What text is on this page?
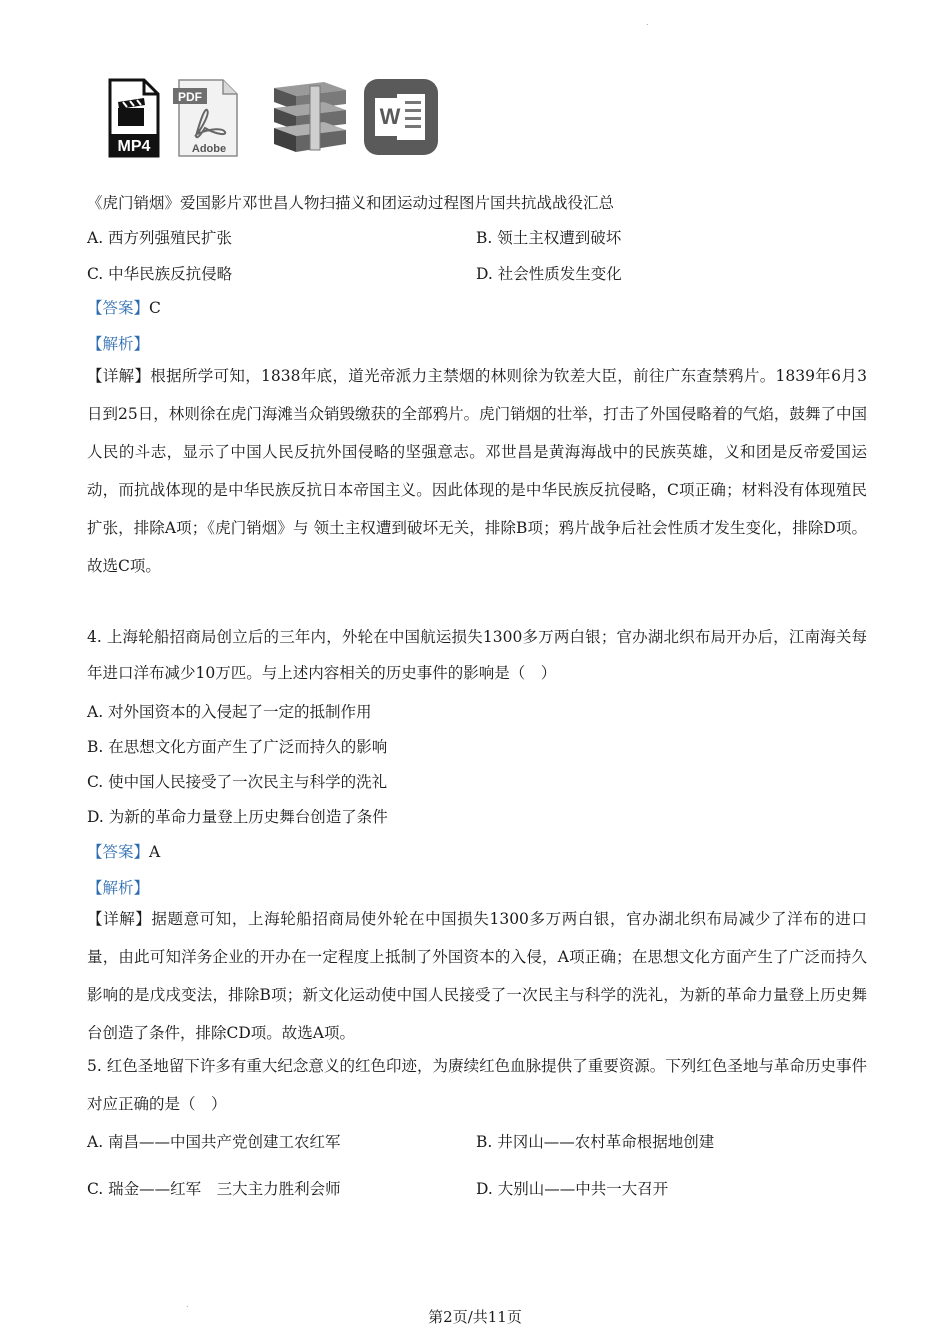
.
MP4
PDF
Adobe
W
《虎门销烟》爱国影片邓世昌人物扫描义和团运动过程图片国共抗战战役汇总
A. 西方列强殖民扩张	B. 领土主权遭到破坏
C. 中华民族反抗侵略	D. 社会性质发生变化
【答案】C
【解析】
【详解】根据所学可知，1838年底，道光帝派力主禁烟的林则徐为钦差大臣，前往广东查禁鸦片。1839年6月3日到25日，林则徐在虎门海滩当众销毁缴获的全部鸦片。虎门销烟的壮举，打击了外国侵略着的气焰，鼓舞了中国人民的斗志，显示了中国人民反抗外国侵略的坚强意志。邓世昌是黄海海战中的民族英雄，义和团是反帝爱国运动，而抗战体现的是中华民族反抗日本帝国主义。因此体现的是中华民族反抗侵略，C项正确；材料没有体现殖民扩张，排除A项；《虎门销烟》与 领土主权遭到破坏无关，排除B项；鸦片战争后社会性质才发生变化，排除D项。故选C项。
4. 上海轮船招商局创立后的三年内，外轮在中国航运损失1300多万两白银；官办湖北织布局开办后，江南海关每年进口洋布减少10万匹。与上述内容相关的历史事件的影响是（　）
A. 对外国资本的入侵起了一定的抵制作用
B. 在思想文化方面产生了广泛而持久的影响
C. 使中国人民接受了一次民主与科学的洗礼
D. 为新的革命力量登上历史舞台创造了条件
【答案】A
【解析】
【详解】据题意可知，上海轮船招商局使外轮在中国损失1300多万两白银，官办湖北织布局减少了洋布的进口量，由此可知洋务企业的开办在一定程度上抵制了外国资本的入侵，A项正确；在思想文化方面产生了广泛而持久影响的是戊戌变法，排除B项；新文化运动使中国人民接受了一次民主与科学的洗礼，为新的革命力量登上历史舞台创造了条件，排除CD项。故选A项。
5. 红色圣地留下许多有重大纪念意义的红色印迹，为赓续红色血脉提供了重要资源。下列红色圣地与革命历史事件对应正确的是（　）
A. 南昌——中国共产党创建工农红军	B. 井冈山——农村革命根据地创建
C. 瑞金——红军　三大主力胜利会师	D. 大别山——中共一大召开
.
第2页/共11页
